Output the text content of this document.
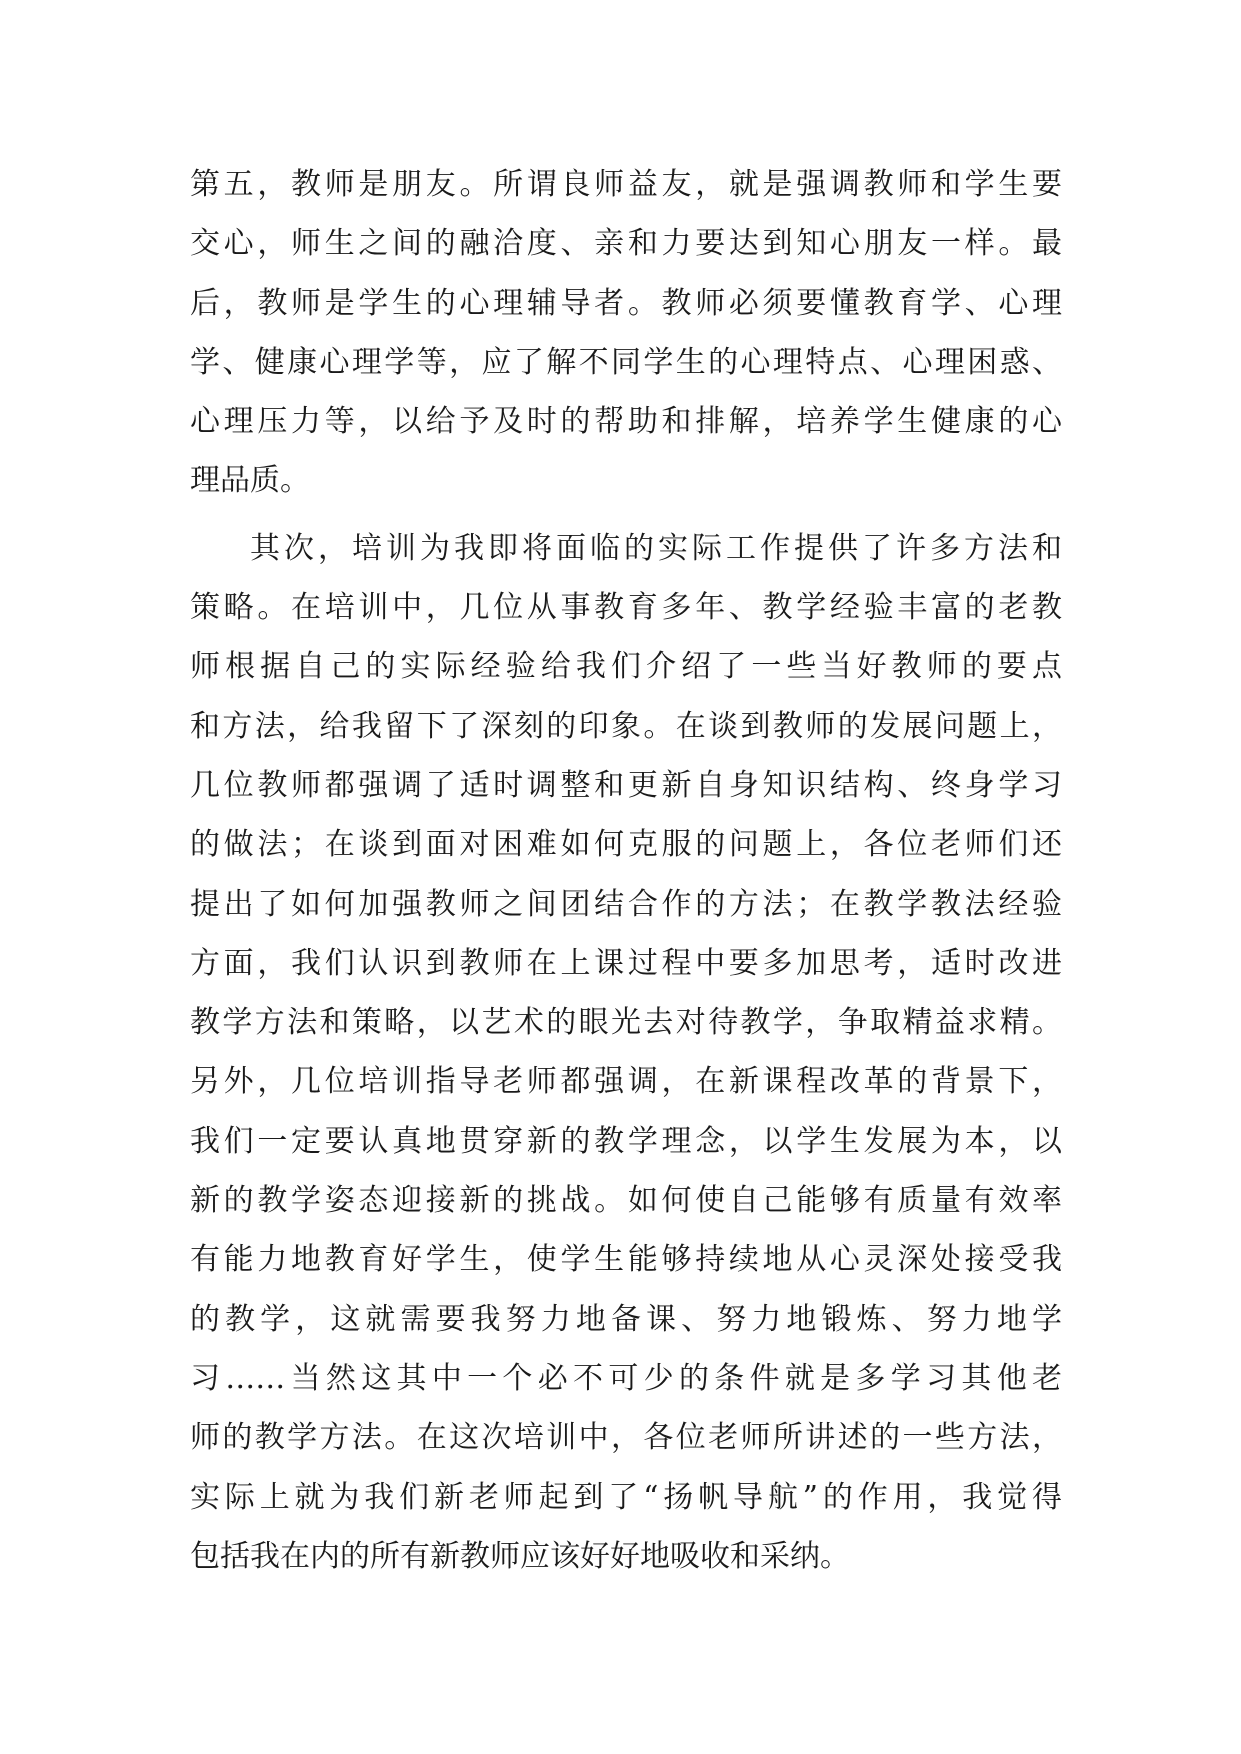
第五，教师是朋友。所谓良师益友，就是强调教师和学生要
交心，师生之间的融洽度、亲和力要达到知心朋友一样。最
后，教师是学生的心理辅导者。教师必须要懂教育学、心理
学、健康心理学等，应了解不同学生的心理特点、心理困惑、
心理压力等，以给予及时的帮助和排解，培养学生健康的心
理品质。
其次，培训为我即将面临的实际工作提供了许多方法和
策略。在培训中，几位从事教育多年、教学经验丰富的老教
师根据自己的实际经验给我们介绍了一些当好教师的要点
和方法，给我留下了深刻的印象。在谈到教师的发展问题上，
几位教师都强调了适时调整和更新自身知识结构、终身学习
的做法；在谈到面对困难如何克服的问题上，各位老师们还
提出了如何加强教师之间团结合作的方法；在教学教法经验
方面，我们认识到教师在上课过程中要多加思考，适时改进
教学方法和策略，以艺术的眼光去对待教学，争取精益求精。
另外，几位培训指导老师都强调，在新课程改革的背景下，
我们一定要认真地贯穿新的教学理念，以学生发展为本，以
新的教学姿态迎接新的挑战。如何使自己能够有质量有效率
有能力地教育好学生，使学生能够持续地从心灵深处接受我
的教学，这就需要我努力地备课、努力地锻炼、努力地学
习……当然这其中一个必不可少的条件就是多学习其他老
师的教学方法。在这次培训中，各位老师所讲述的一些方法，
实际上就为我们新老师起到了“扬帆导航”的作用，我觉得
包括我在内的所有新教师应该好好地吸收和采纳。
